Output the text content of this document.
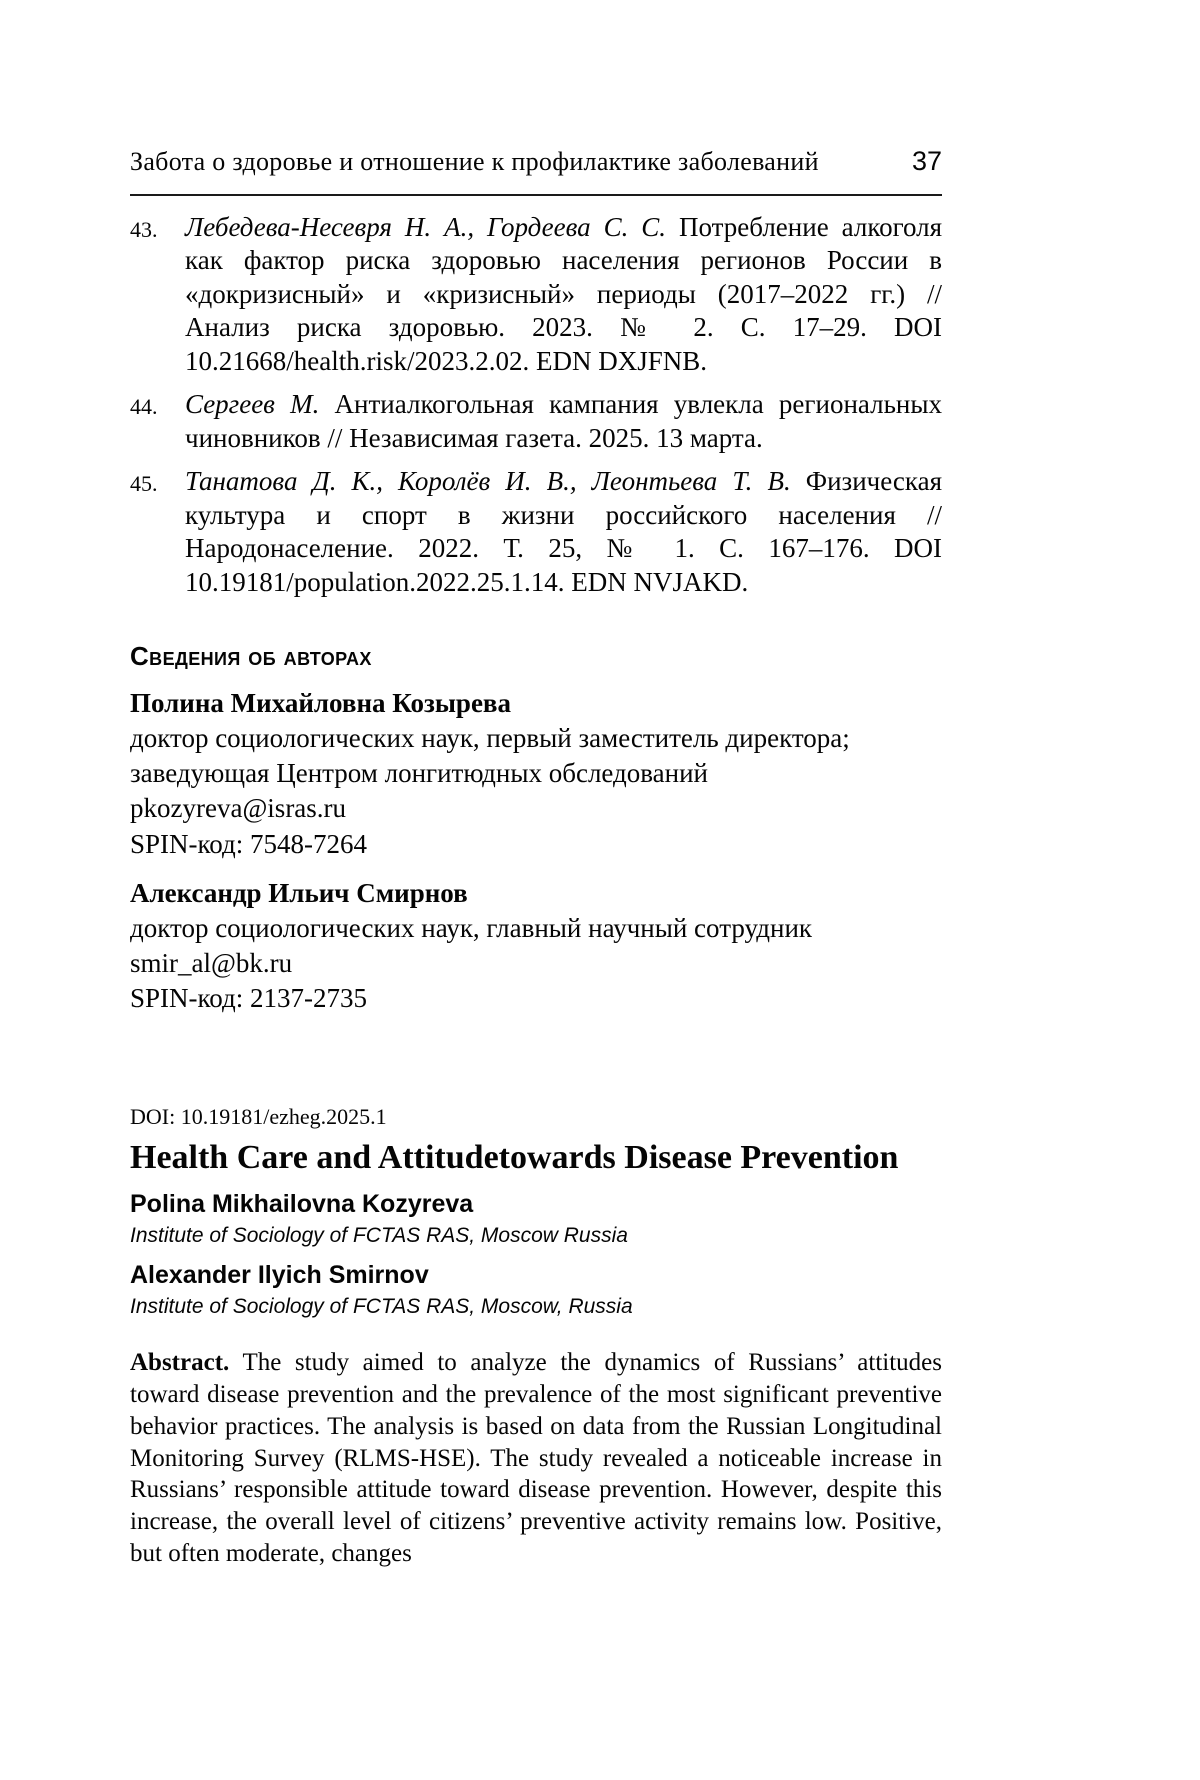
Забота о здоровье и отношение к профилактике заболеваний	37
43. Лебедева-Несевря Н. А., Гордеева С. С. Потребление алкоголя как фактор риска здоровью населения регионов России в «докризисный» и «кризисный» периоды (2017–2022 гг.) // Анализ риска здоровью. 2023. № 2. С. 17–29. DOI 10.21668/health.risk/2023.2.02. EDN DXJFNB.
44. Сергеев М. Антиалкогольная кампания увлекла региональных чиновников // Независимая газета. 2025. 13 марта.
45. Танатова Д. К., Королёв И. В., Леонтьева Т. В. Физическая культура и спорт в жизни российского населения // Народонаселение. 2022. Т. 25, № 1. С. 167–176. DOI 10.19181/population.2022.25.1.14. EDN NVJAKD.
Сведения об авторах
Полина Михайловна Козырева
доктор социологических наук, первый заместитель директора;
заведующая Центром лонгитюдных обследований
pkozyreva@isras.ru
SPIN-код: 7548-7264
Александр Ильич Смирнов
доктор социологических наук, главный научный сотрудник
smir_al@bk.ru
SPIN-код: 2137-2735
DOI: 10.19181/ezheg.2025.1
Health Care and Attitudetowards Disease Prevention
Polina Mikhailovna Kozyreva
Institute of Sociology of FCTAS RAS, Moscow Russia
Alexander Ilyich Smirnov
Institute of Sociology of FCTAS RAS, Moscow, Russia

Abstract. The study aimed to analyze the dynamics of Russians’ attitudes toward disease prevention and the prevalence of the most significant preventive behavior practices. The analysis is based on data from the Russian Longitudinal Monitoring Survey (RLMS-HSE). The study revealed a noticeable increase in Russians’ responsible attitude toward disease prevention. However, despite this increase, the overall level of citizens’ preventive activity remains low. Positive, but often moderate, changes
